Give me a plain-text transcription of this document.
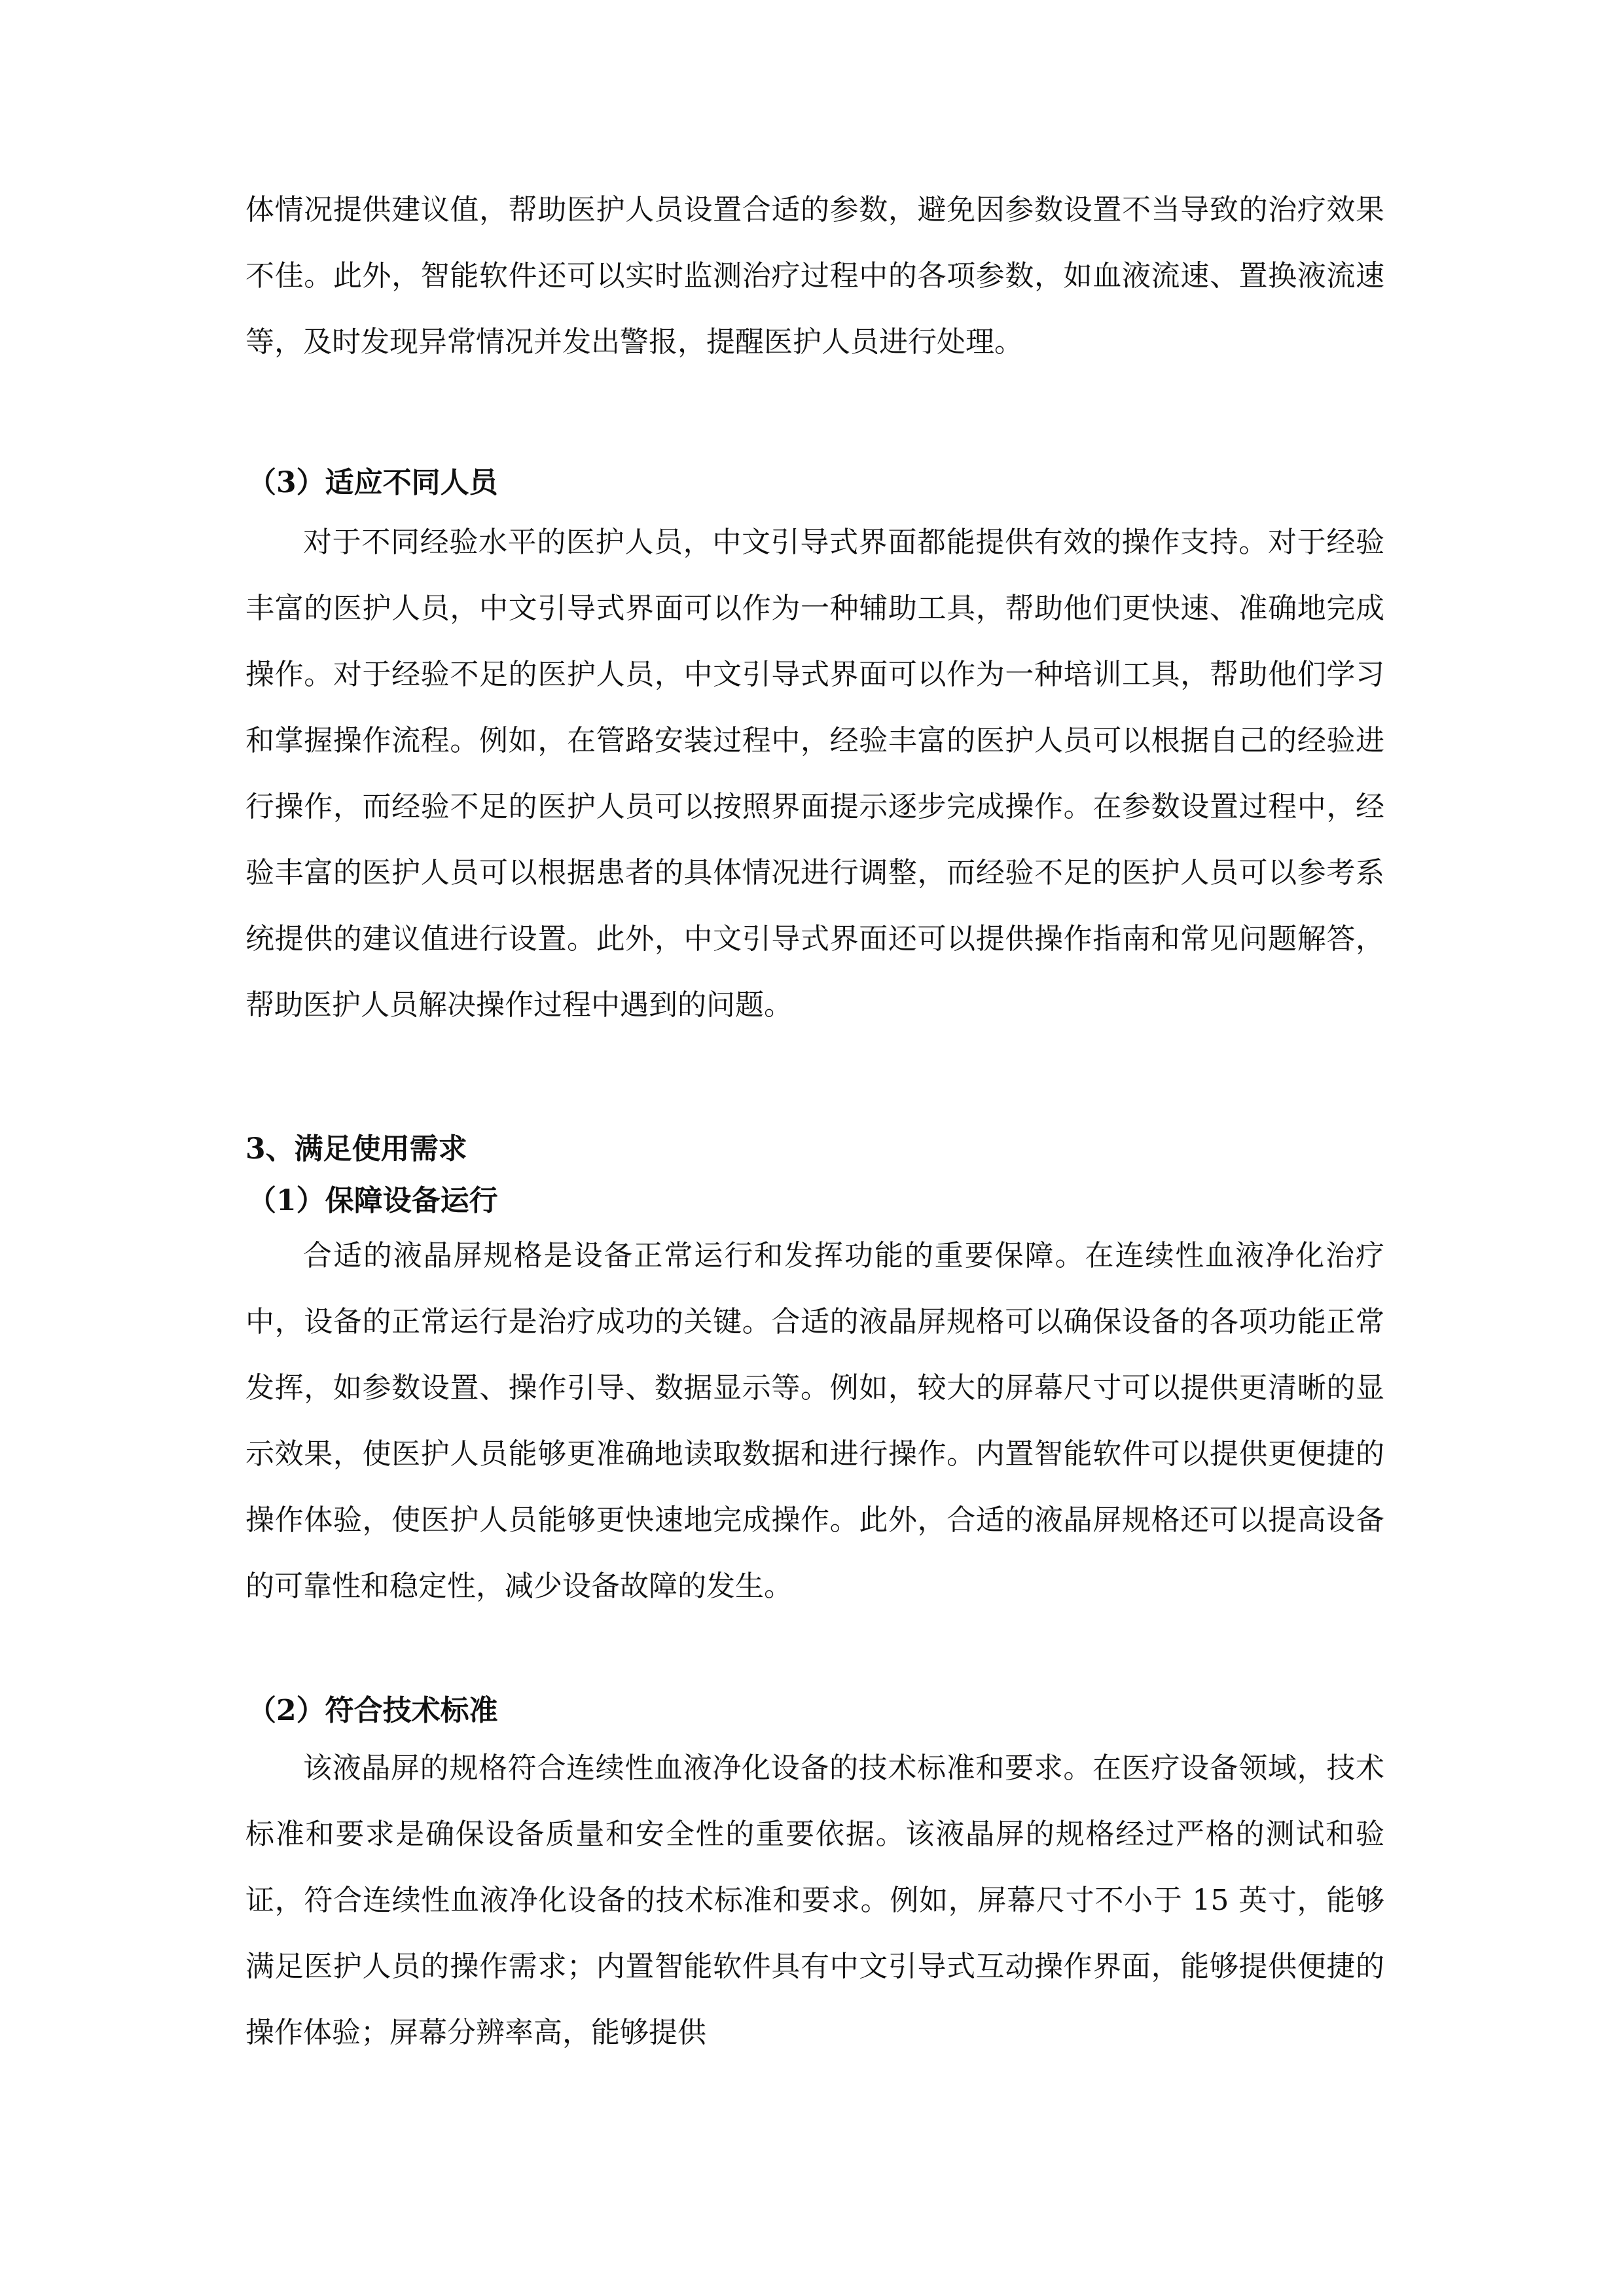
体情况提供建议值，帮助医护人员设置合适的参数，避免因参数设置不当导致的治疗效果不佳。此外，智能软件还可以实时监测治疗过程中的各项参数，如血液流速、置换液流速等，及时发现异常情况并发出警报，提醒医护人员进行处理。

（3）适应不同人员

对于不同经验水平的医护人员，中文引导式界面都能提供有效的操作支持。对于经验丰富的医护人员，中文引导式界面可以作为一种辅助工具，帮助他们更快速、准确地完成操作。对于经验不足的医护人员，中文引导式界面可以作为一种培训工具，帮助他们学习和掌握操作流程。例如，在管路安装过程中，经验丰富的医护人员可以根据自己的经验进行操作，而经验不足的医护人员可以按照界面提示逐步完成操作。在参数设置过程中，经验丰富的医护人员可以根据患者的具体情况进行调整，而经验不足的医护人员可以参考系统提供的建议值进行设置。此外，中文引导式界面还可以提供操作指南和常见问题解答，帮助医护人员解决操作过程中遇到的问题。

3、满足使用需求
（1）保障设备运行

合适的液晶屏规格是设备正常运行和发挥功能的重要保障。在连续性血液净化治疗中，设备的正常运行是治疗成功的关键。合适的液晶屏规格可以确保设备的各项功能正常发挥，如参数设置、操作引导、数据显示等。例如，较大的屏幕尺寸可以提供更清晰的显示效果，使医护人员能够更准确地读取数据和进行操作。内置智能软件可以提供更便捷的操作体验，使医护人员能够更快速地完成操作。此外，合适的液晶屏规格还可以提高设备的可靠性和稳定性，减少设备故障的发生。

（2）符合技术标准

该液晶屏的规格符合连续性血液净化设备的技术标准和要求。在医疗设备领域，技术标准和要求是确保设备质量和安全性的重要依据。该液晶屏的规格经过严格的测试和验证，符合连续性血液净化设备的技术标准和要求。例如，屏幕尺寸不小于 15 英寸，能够满足医护人员的操作需求；内置智能软件具有中文引导式互动操作界面，能够提供便捷的操作体验；屏幕分辨率高，能够提供
